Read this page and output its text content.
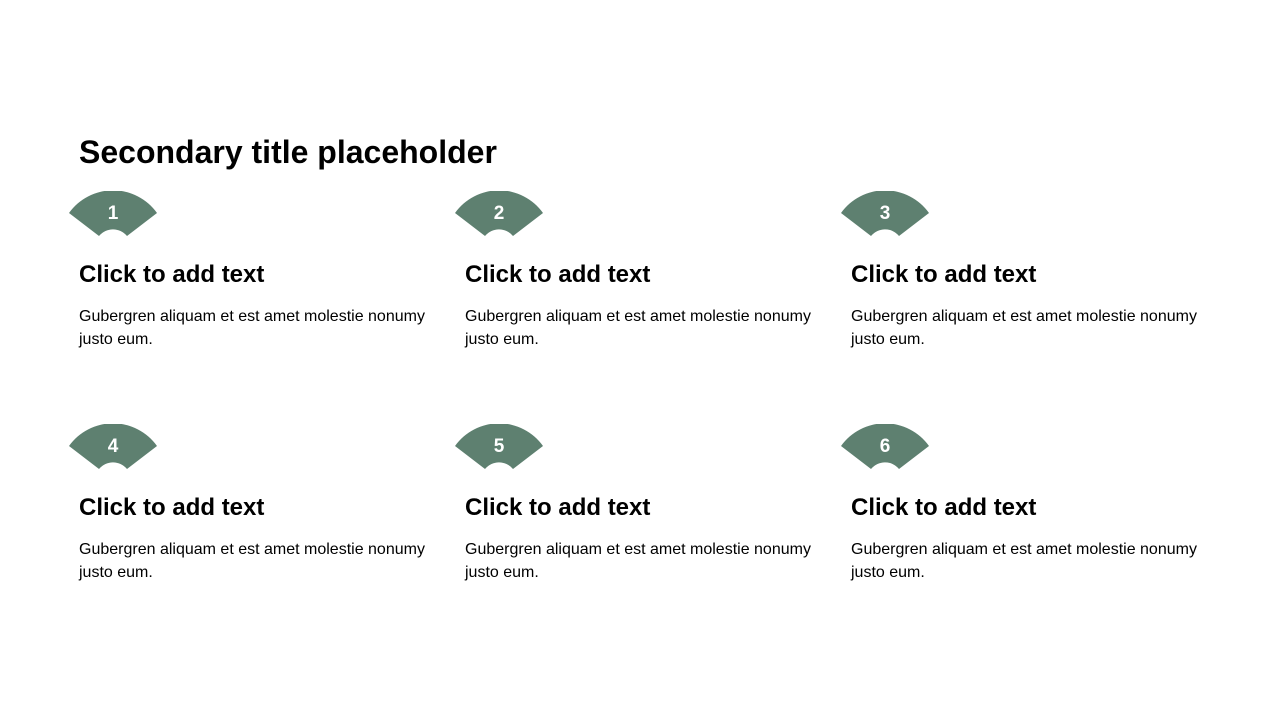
Secondary title placeholder
1
Click to add text
Gubergren aliquam et est amet molestie nonumy justo eum.
2
Click to add text
Gubergren aliquam et est amet molestie nonumy justo eum.
3
Click to add text
Gubergren aliquam et est amet molestie nonumy justo eum.
4
Click to add text
Gubergren aliquam et est amet molestie nonumy justo eum.
5
Click to add text
Gubergren aliquam et est amet molestie nonumy justo eum.
6
Click to add text
Gubergren aliquam et est amet molestie nonumy justo eum.
